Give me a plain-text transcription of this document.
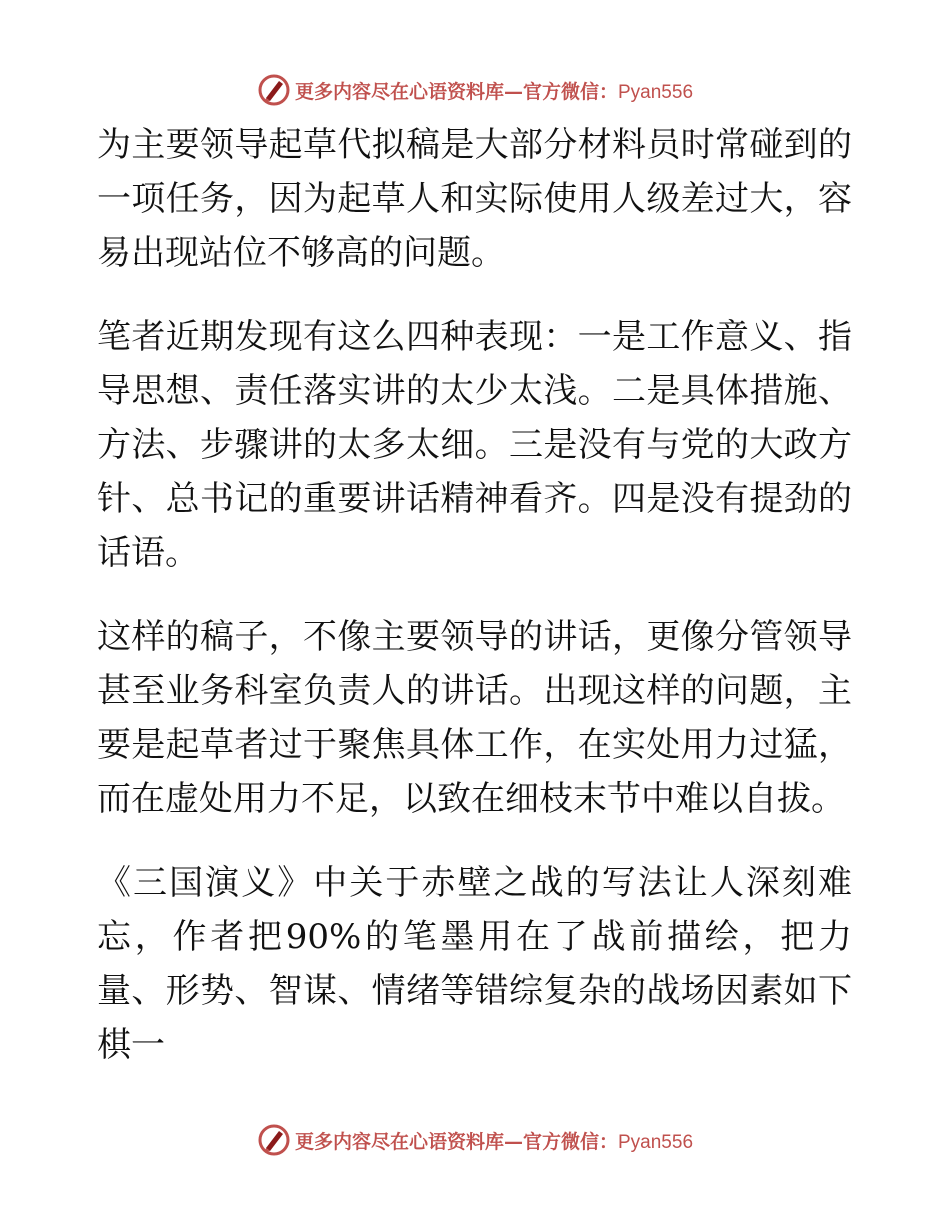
更多内容尽在心语资料库—官方微信：Pyan556

为主要领导起草代拟稿是大部分材料员时常碰到的一项任务，因为起草人和实际使用人级差过大，容易出现站位不够高的问题。

笔者近期发现有这么四种表现：一是工作意义、指导思想、责任落实讲的太少太浅。二是具体措施、方法、步骤讲的太多太细。三是没有与党的大政方针、总书记的重要讲话精神看齐。四是没有提劲的话语。

这样的稿子，不像主要领导的讲话，更像分管领导甚至业务科室负责人的讲话。出现这样的问题，主要是起草者过于聚焦具体工作，在实处用力过猛，而在虚处用力不足，以致在细枝末节中难以自拔。

《三国演义》中关于赤壁之战的写法让人深刻难忘，作者把90%的笔墨用在了战前描绘，把力量、形势、智谋、情绪等错综复杂的战场因素如下棋一

更多内容尽在心语资料库—官方微信：Pyan556
